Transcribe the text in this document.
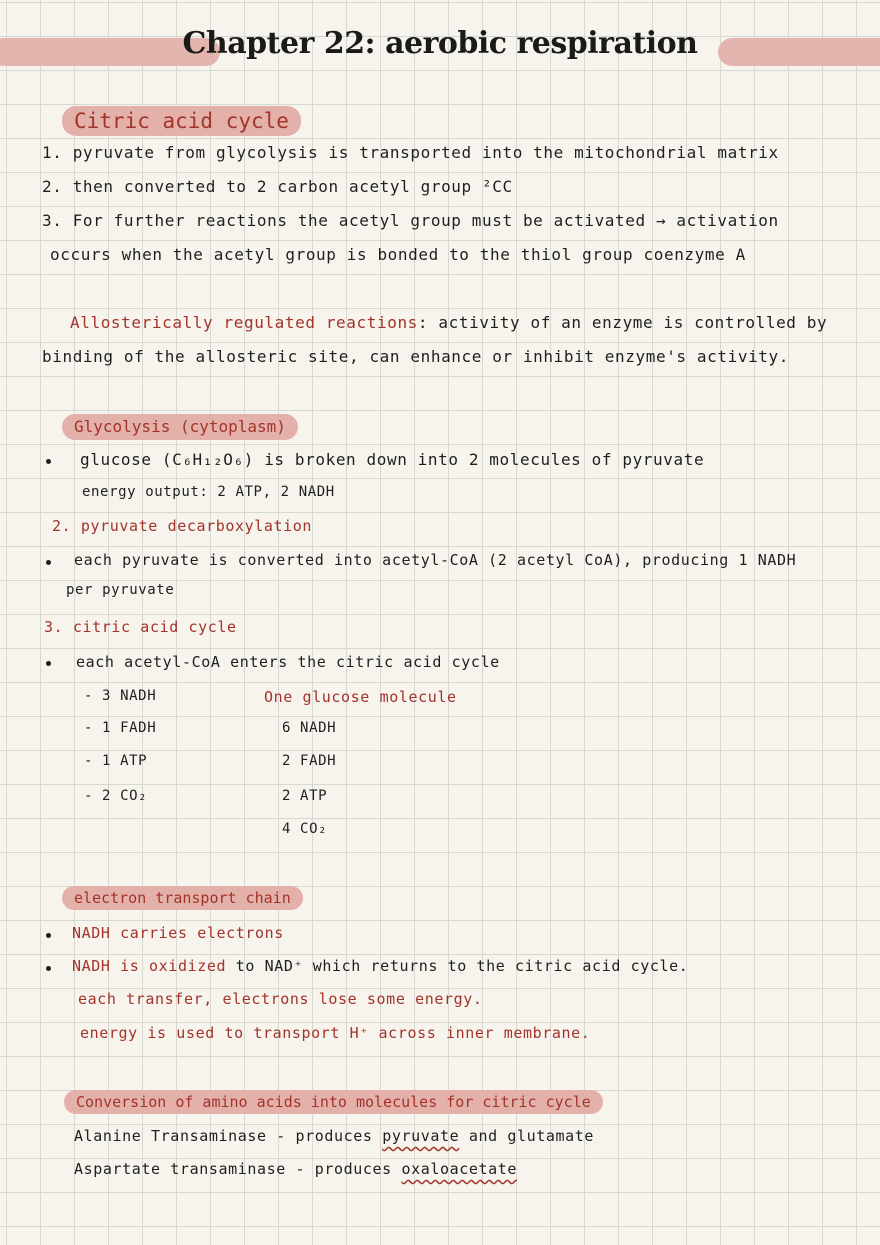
Chapter 22: aerobic respiration
Citric acid cycle
1. pyruvate from glycolysis is transported into the mitochondrial matrix
2. then converted to 2 carbon acetyl group ²CC
3. For further reactions the acetyl group must be activated → activation
occurs when the acetyl group is bonded to the thiol group coenzyme A
Allosterically regulated reactions: activity of an enzyme is controlled by
binding of the allosteric site, can enhance or inhibit enzyme's activity.
Glycolysis (cytoplasm)
glucose (C₆H₁₂O₆) is broken down into 2 molecules of pyruvate
energy output: 2 ATP, 2 NADH
2. pyruvate decarboxylation
each pyruvate is converted into acetyl-CoA (2 acetyl CoA), producing 1 NADH
per pyruvate
3. citric acid cycle
each acetyl-CoA enters the citric acid cycle
- 3 NADH
- 1 FADH
- 1 ATP
- 2 CO₂
One glucose molecule
6 NADH
2 FADH
2 ATP
4 CO₂
electron transport chain
NADH carries electrons
NADH is oxidized to NAD⁺ which returns to the citric acid cycle.
each transfer, electrons lose some energy.
energy is used to transport H⁺ across inner membrane.
Conversion of amino acids into molecules for citric cycle
Alanine Transaminase - produces pyruvate and glutamate
Aspartate transaminase - produces oxaloacetate
